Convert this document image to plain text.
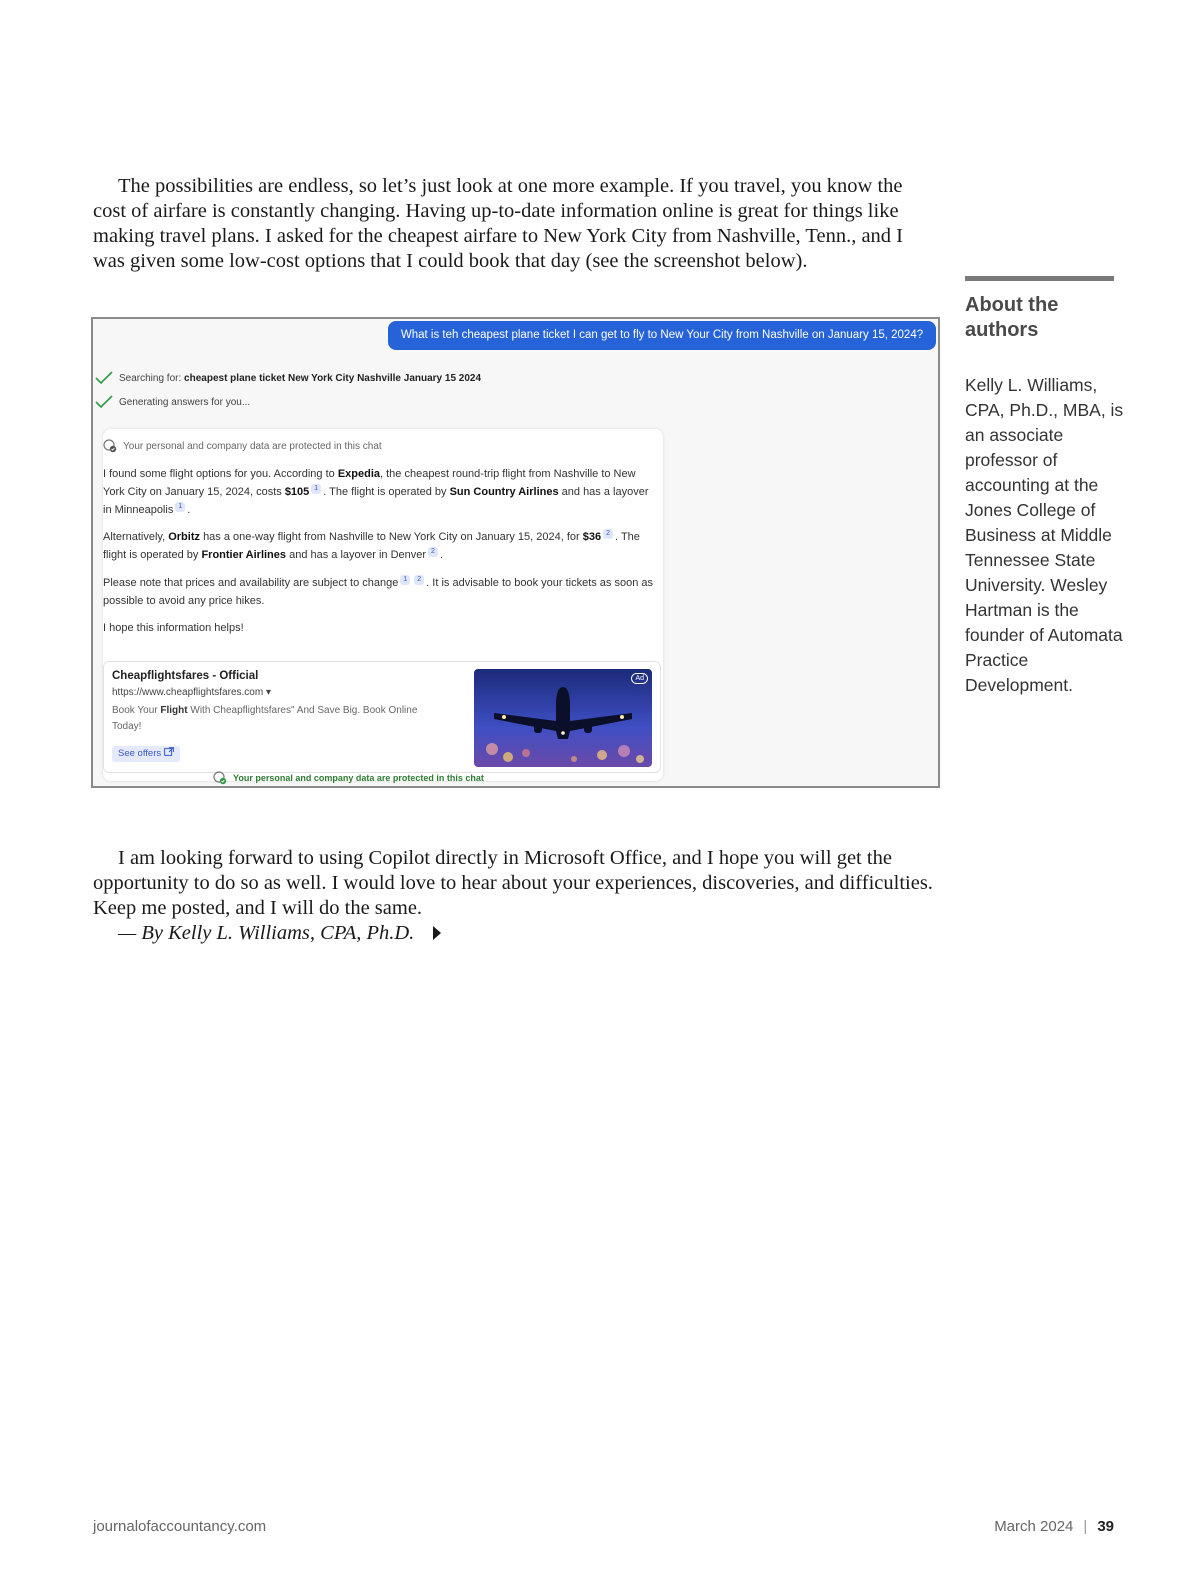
The possibilities are endless, so let’s just look at one more example. If you travel, you know the cost of airfare is constantly changing. Having up-to-date information online is great for things like making travel plans. I asked for the cheapest airfare to New York City from Nashville, Tenn., and I was given some low-cost options that I could book that day (see the screenshot below).

About the authors

Kelly L. Williams, CPA, Ph.D., MBA, is an associate professor of accounting at the Jones College of Business at Middle Tennessee State University. Wesley Hartman is the founder of Automata Practice Development.

What is teh cheapest plane ticket I can get to fly to New Your City from Nashville on January 15, 2024?
Searching for:
cheapest plane ticket New York City Nashville January 15 2024
Generating answers for you...
Your personal and company data are protected in this chat

I found some flight options for you. According to Expedia, the cheapest round-trip flight from Nashville to New York City on January 15, 2024, costs $105 1 . The flight is operated by Sun Country Airlines and has a layover in Minneapolis 1 .

Alternatively, Orbitz has a one-way flight from Nashville to New York City on January 15, 2024, for $36 2 . The flight is operated by Frontier Airlines and has a layover in Denver 2 .

Please note that prices and availability are subject to change 1 2 . It is advisable to book your tickets as soon as possible to avoid any price hikes.

I hope this information helps!

Cheapflightsfares - Official
https://www.cheapflightsfares.com ▾
Book Your Flight With Cheapflightsfares" And Save Big. Book Online Today!
See offers
Ad
Your personal and company data are protected in this chat

I am looking forward to using Copilot directly in Microsoft Office, and I hope you will get the opportunity to do so as well. I would love to hear about your experiences, discoveries, and difficulties. Keep me posted, and I will do the same.

— By Kelly L. Williams, CPA, Ph.D.
journalofaccountancy.com	March 2024 | 39
